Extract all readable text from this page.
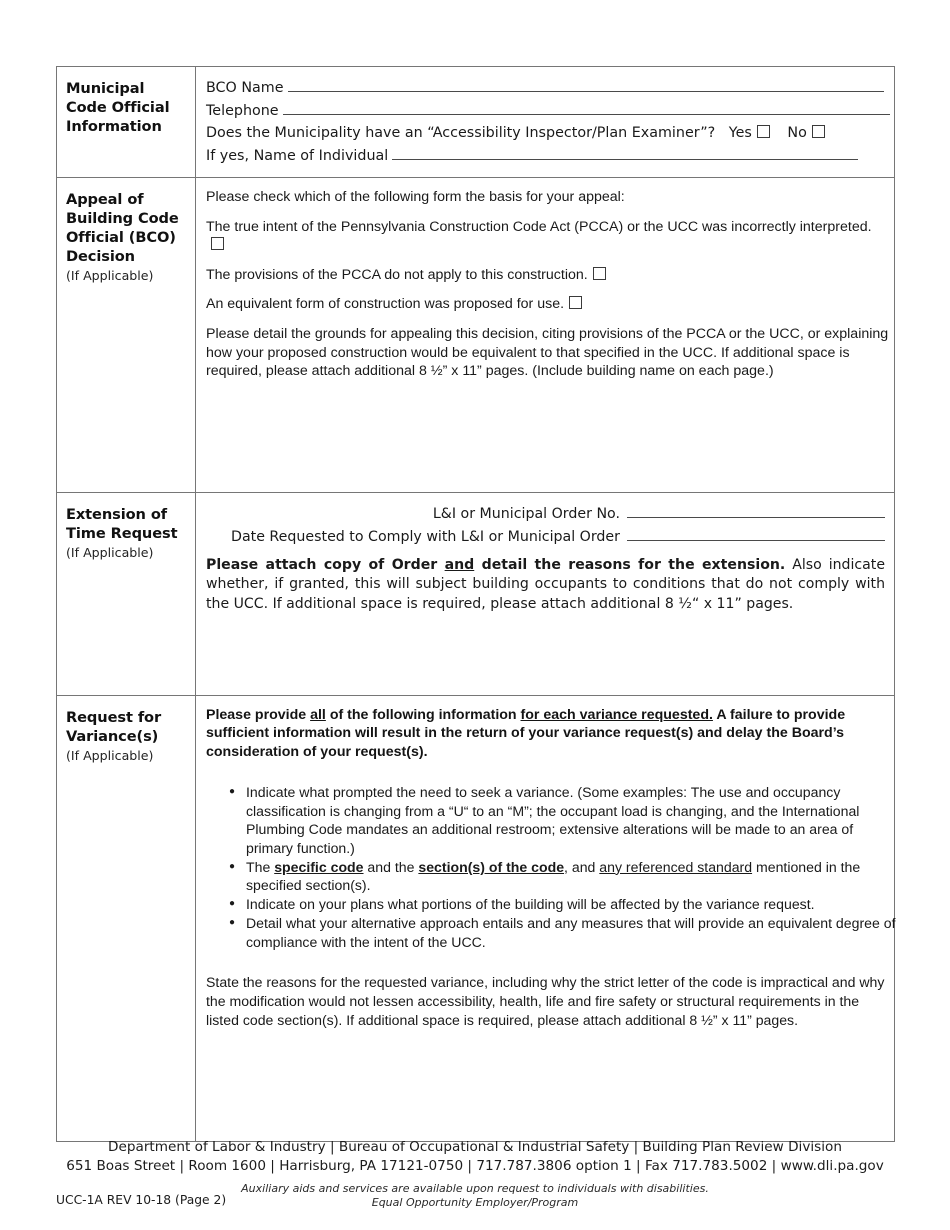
Municipal Code Official Information	BCO Name
Telephone
Does the Municipality have an “Accessibility Inspector/Plan Examiner”? Yes No
If yes, Name of Individual

Appeal of Building Code Official (BCO) Decision
(If Applicable)

Please check which of the following form the basis for your appeal:

The true intent of the Pennsylvania Construction Code Act (PCCA) or the UCC was incorrectly interpreted.

The provisions of the PCCA do not apply to this construction.

An equivalent form of construction was proposed for use.

Please detail the grounds for appealing this decision, citing provisions of the PCCA or the UCC, or explaining how your proposed construction would be equivalent to that specified in the UCC. If additional space is required, please attach additional 8 ½” x 11” pages. (Include building name on each page.)

Extension of Time Request
(If Applicable)

L&I or Municipal Order No.
Date Requested to Comply with L&I or Municipal Order

Please attach copy of Order and detail the reasons for the extension. Also indicate whether, if granted, this will subject building occupants to conditions that do not comply with the UCC. If additional space is required, please attach additional 8 ½“ x 11” pages.

Request for Variance(s)
(If Applicable)

Please provide all of the following information for each variance requested. A failure to provide sufficient information will result in the return of your variance request(s) and delay the Board’s consideration of your request(s).

● Indicate what prompted the need to seek a variance. (Some examples: The use and occupancy classification is changing from a “U“ to an “M”; the occupant load is changing, and the International Plumbing Code mandates an additional restroom; extensive alterations will be made to an area of primary function.)
● The specific code and the section(s) of the code, and any referenced standard mentioned in the specified section(s).
● Indicate on your plans what portions of the building will be affected by the variance request.
● Detail what your alternative approach entails and any measures that will provide an equivalent degree of compliance with the intent of the UCC.

State the reasons for the requested variance, including why the strict letter of the code is impractical and why the modification would not lessen accessibility, health, life and fire safety or structural requirements in the listed code section(s). If additional space is required, please attach additional 8 ½” x 11” pages.

Department of Labor & Industry | Bureau of Occupational & Industrial Safety | Building Plan Review Division
651 Boas Street | Room 1600 | Harrisburg, PA 17121-0750 | 717.787.3806 option 1 | Fax 717.783.5002 | www.dli.pa.gov
Auxiliary aids and services are available upon request to individuals with disabilities.
Equal Opportunity Employer/Program
UCC-1A REV 10-18 (Page 2)
